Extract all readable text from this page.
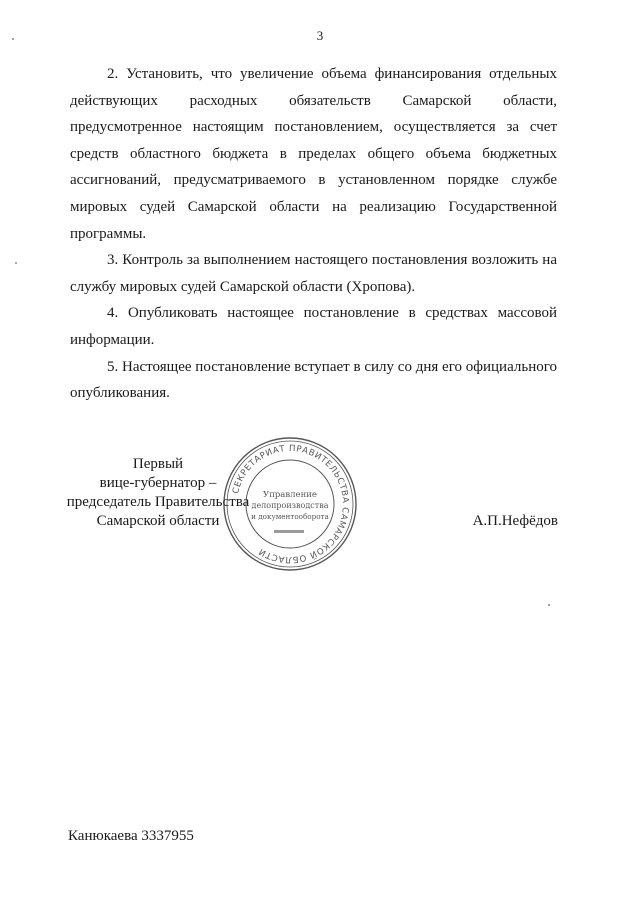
3

2. Установить, что увеличение объема финансирования отдельных действующих расходных обязательств Самарской области, предусмотренное настоящим постановлением, осуществляется за счет средств областного бюджета в пределах общего объема бюджетных ассигнований, предусматриваемого в установленном порядке службе мировых судей Самарской области на реализацию Государственной программы.

3. Контроль за выполнением настоящего постановления возложить на службу мировых судей Самарской области (Хропова).

4. Опубликовать настоящее постановление в средствах массовой информации.

5. Настоящее постановление вступает в силу со дня его официального опубликования.

Первый
вице-губернатор –
председатель Правительства
Самарской области
СЕКРЕТАРИАТ ПРАВИТЕЛЬСТВА САМАРСКОЙ ОБЛАСТИ
Управление
делопроизводства
и документооборота	А.П.Нефёдов
Канюкаева 3337955
